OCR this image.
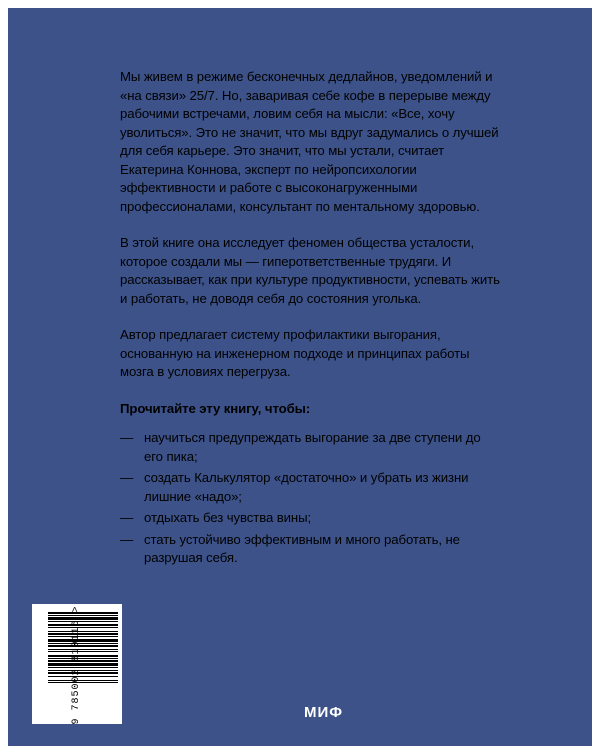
Мы живем в режиме бесконечных дедлайнов, уведомлений и «на связи» 25/7. Но, заваривая себе кофе в перерыве между рабочими встречами, ловим себя на мысли: «Все, хочу уволиться». Это не значит, что мы вдруг задумались о лучшей для себя карьере. Это значит, что мы устали, считает Екатерина Коннова, эксперт по нейропсихологии эффективности и работе с высоконагруженными профессионалами, консультант по ментальному здоровью.

В этой книге она исследует феномен общества усталости, которое создали мы — гиперответственные трудяги. И рассказывает, как при культуре продуктивности, успевать жить и работать, не доводя себя до состояния уголька.

Автор предлагает систему профилактики выгорания, основанную на инженерном подходе и принципах работы мозга в условиях перегруза.

Прочитайте эту книгу, чтобы:

— научиться предупреждать выгорание за две ступени до его пика;
— создать Калькулятор «достаточно» и убрать из жизни лишние «надо»;
— отдыхать без чувства вины;
— стать устойчиво эффективным и много работать, не разрушая себя.
9 785002 810116 >	МИФ
